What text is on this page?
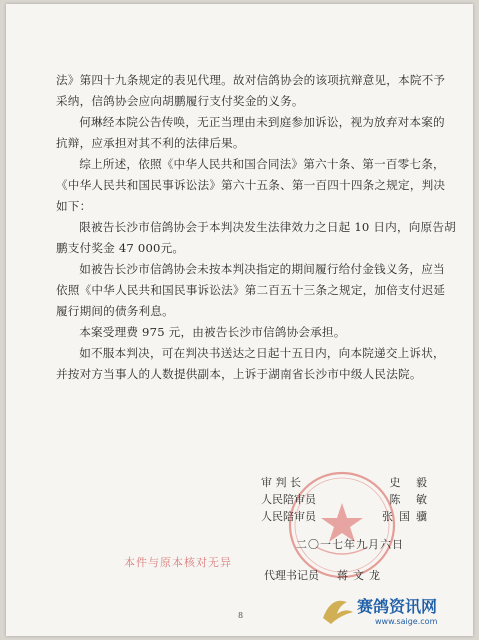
法》第四十九条规定的表见代理。故对信鸽协会的该项抗辩意见，本院不予采纳，信鸽协会应向胡鹏履行支付奖金的义务。

何琳经本院公告传唤，无正当理由未到庭参加诉讼，视为放弃对本案的抗辩，应承担对其不利的法律后果。

综上所述，依照《中华人民共和国合同法》第六十条、第一百零七条，《中华人民共和国民事诉讼法》第六十五条、第一百四十四条之规定，判决如下：

限被告长沙市信鸽协会于本判决发生法律效力之日起 10 日内，向原告胡鹏支付奖金 47 000元。

如被告长沙市信鸽协会未按本判决指定的期间履行给付金钱义务，应当依照《中华人民共和国民事诉讼法》第二百五十三条之规定，加倍支付迟延履行期间的债务利息。

本案受理费 975 元，由被告长沙市信鸽协会承担。

如不服本判决，可在判决书送达之日起十五日内，向本院递交上诉状，并按对方当事人的人数提供副本，上诉于湖南省长沙市中级人民法院。

审 判 长	史 毅
人民陪审员	陈 敏
人民陪审员	张国骥
二〇一七年九月六日
代理书记员 蒋文龙
本件与原本核对无异
8	赛鸽资讯网
www.saige.com
